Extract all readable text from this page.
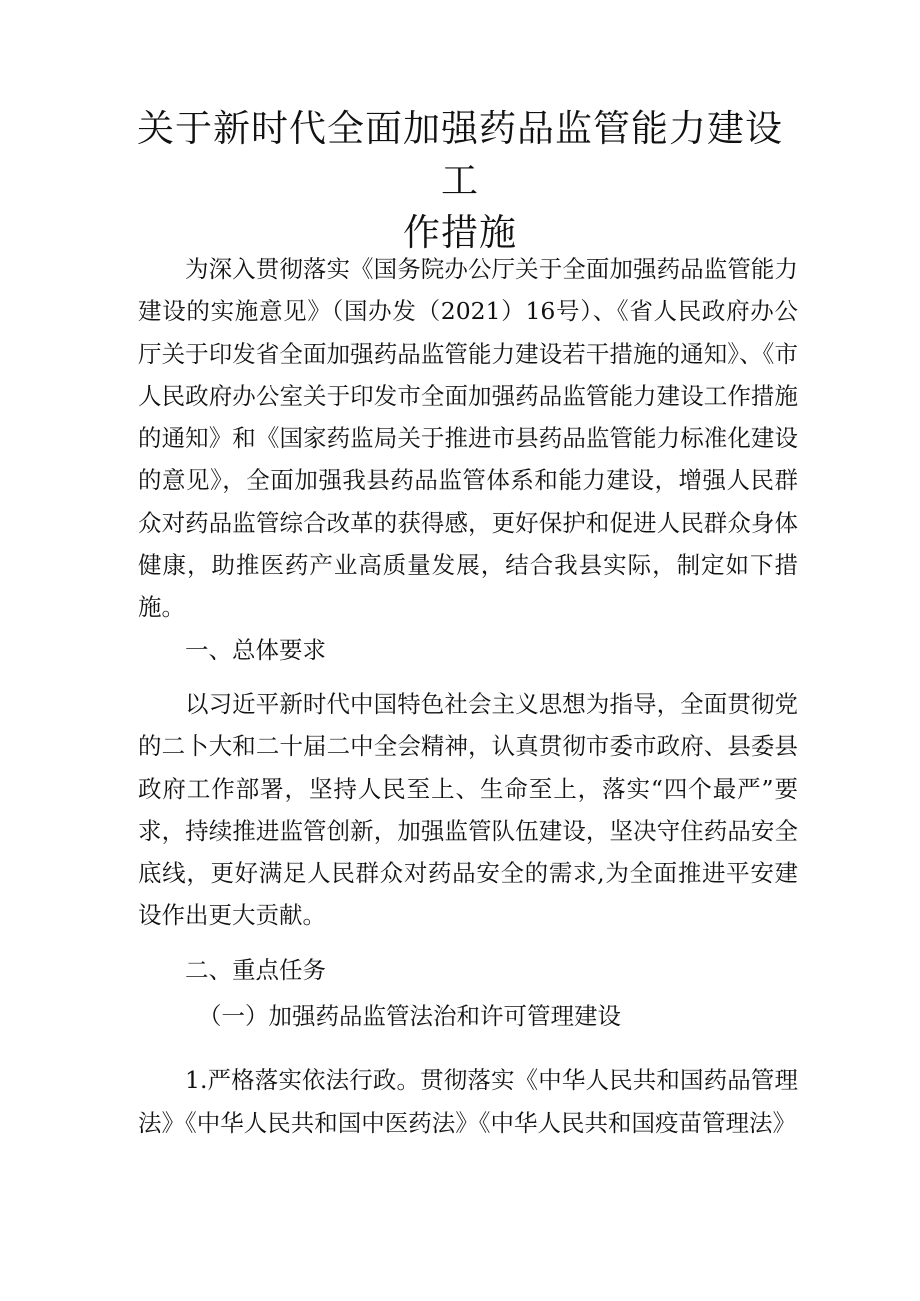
关于新时代全面加强药品监管能力建设工
作措施

为深入贯彻落实《国务院办公厅关于全面加强药品监管能力建设的实施意见》（国办发（2021）16号）、《省人民政府办公厅关于印发省全面加强药品监管能力建设若干措施的通知》、《市人民政府办公室关于印发市全面加强药品监管能力建设工作措施的通知》和《国家药监局关于推进市县药品监管能力标准化建设的意见》，全面加强我县药品监管体系和能力建设，增强人民群众对药品监管综合改革的获得感，更好保护和促进人民群众身体健康，助推医药产业高质量发展，结合我县实际，制定如下措施。

一、总体要求

以习近平新时代中国特色社会主义思想为指导，全面贯彻党的二卜大和二十届二中全会精神，认真贯彻市委市政府、县委县政府工作部署，坚持人民至上、生命至上，落实“四个最严”要求，持续推进监管创新，加强监管队伍建设，坚决守住药品安全底线，更好满足人民群众对药品安全的需求,为全面推进平安建设作出更大贡献。

二、重点任务

（一）加强药品监管法治和许可管理建设

1.严格落实依法行政。贯彻落实《中华人民共和国药品管理法》《中华人民共和国中医药法》《中华人民共和国疫苗管理法》
